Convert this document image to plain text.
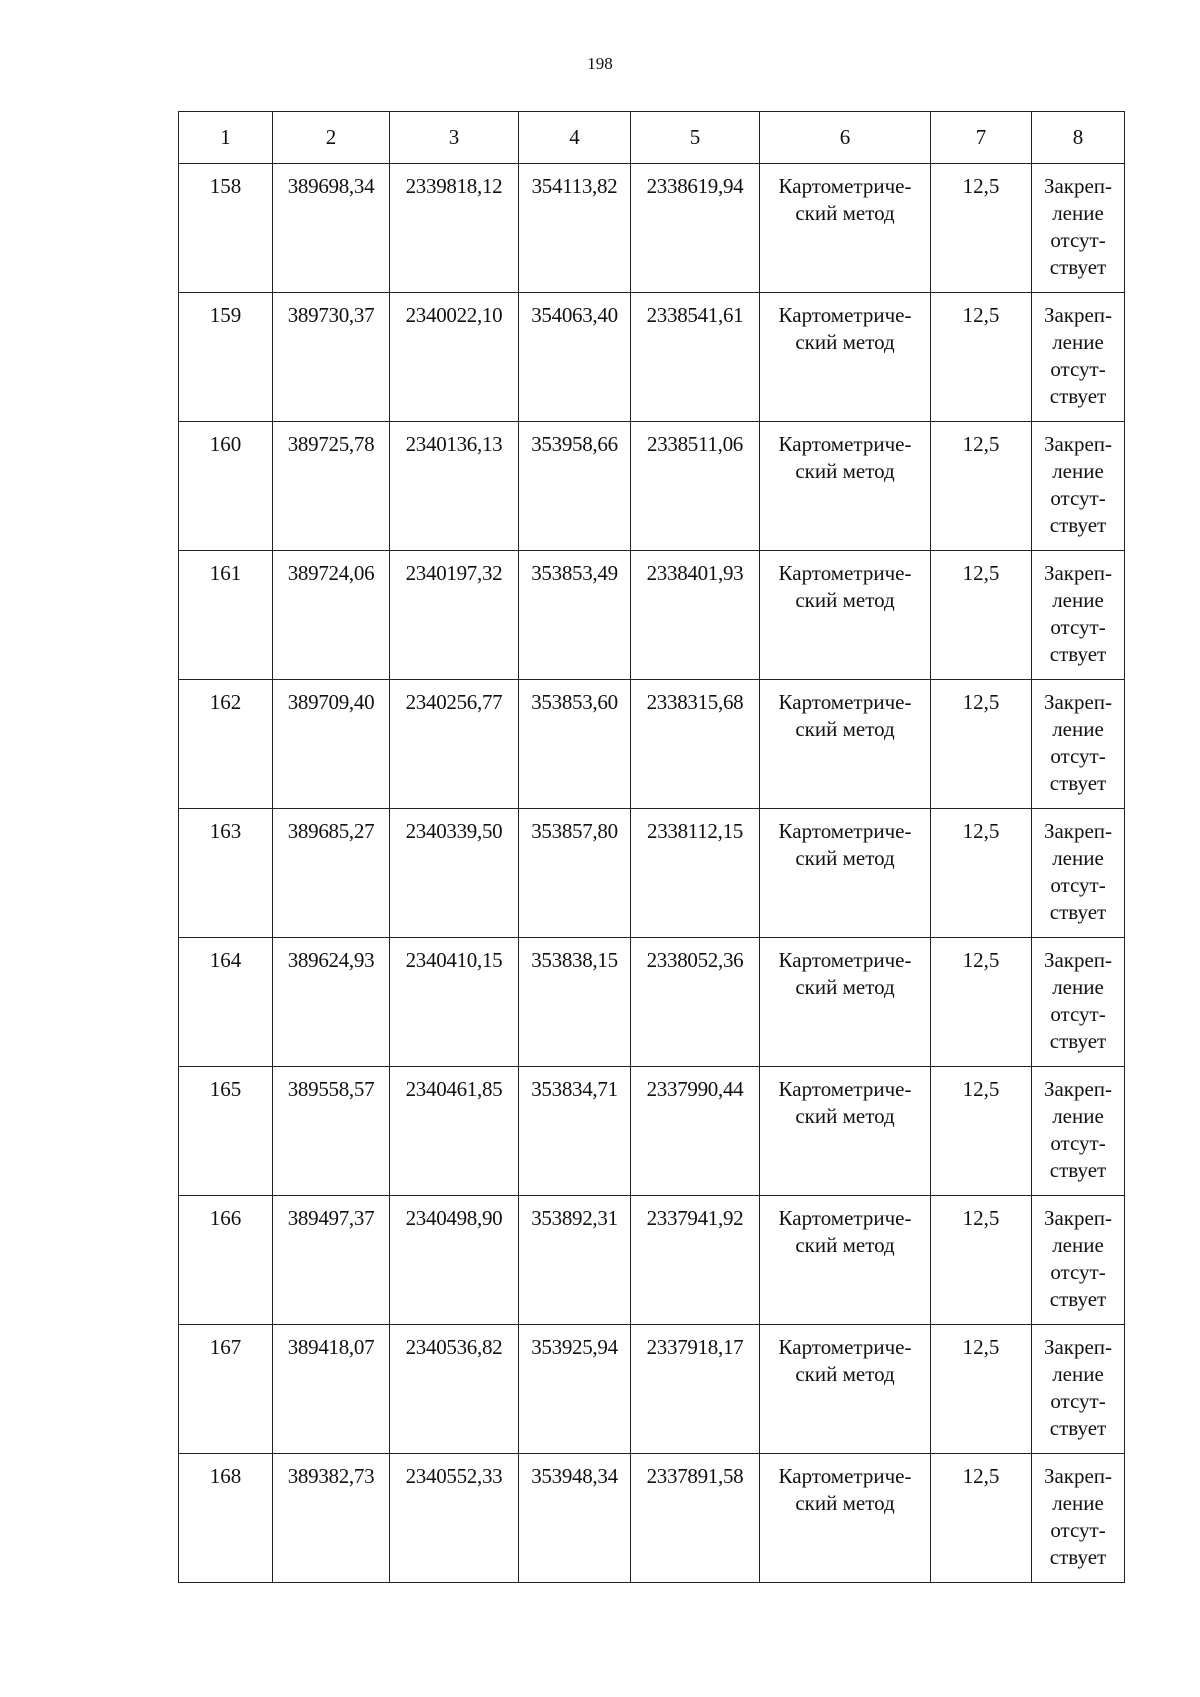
198
1	2	3	4	5	6	7	8
158	389698,34	2339818,12	354113,82	2338619,94	Картометриче-ский метод	12,5	Закреп-ление отсут-ствует
159	389730,37	2340022,10	354063,40	2338541,61	Картометриче-ский метод	12,5	Закреп-ление отсут-ствует
160	389725,78	2340136,13	353958,66	2338511,06	Картометриче-ский метод	12,5	Закреп-ление отсут-ствует
161	389724,06	2340197,32	353853,49	2338401,93	Картометриче-ский метод	12,5	Закреп-ление отсут-ствует
162	389709,40	2340256,77	353853,60	2338315,68	Картометриче-ский метод	12,5	Закреп-ление отсут-ствует
163	389685,27	2340339,50	353857,80	2338112,15	Картометриче-ский метод	12,5	Закреп-ление отсут-ствует
164	389624,93	2340410,15	353838,15	2338052,36	Картометриче-ский метод	12,5	Закреп-ление отсут-ствует
165	389558,57	2340461,85	353834,71	2337990,44	Картометриче-ский метод	12,5	Закреп-ление отсут-ствует
166	389497,37	2340498,90	353892,31	2337941,92	Картометриче-ский метод	12,5	Закреп-ление отсут-ствует
167	389418,07	2340536,82	353925,94	2337918,17	Картометриче-ский метод	12,5	Закреп-ление отсут-ствует
168	389382,73	2340552,33	353948,34	2337891,58	Картометриче-ский метод	12,5	Закреп-ление отсут-ствует
